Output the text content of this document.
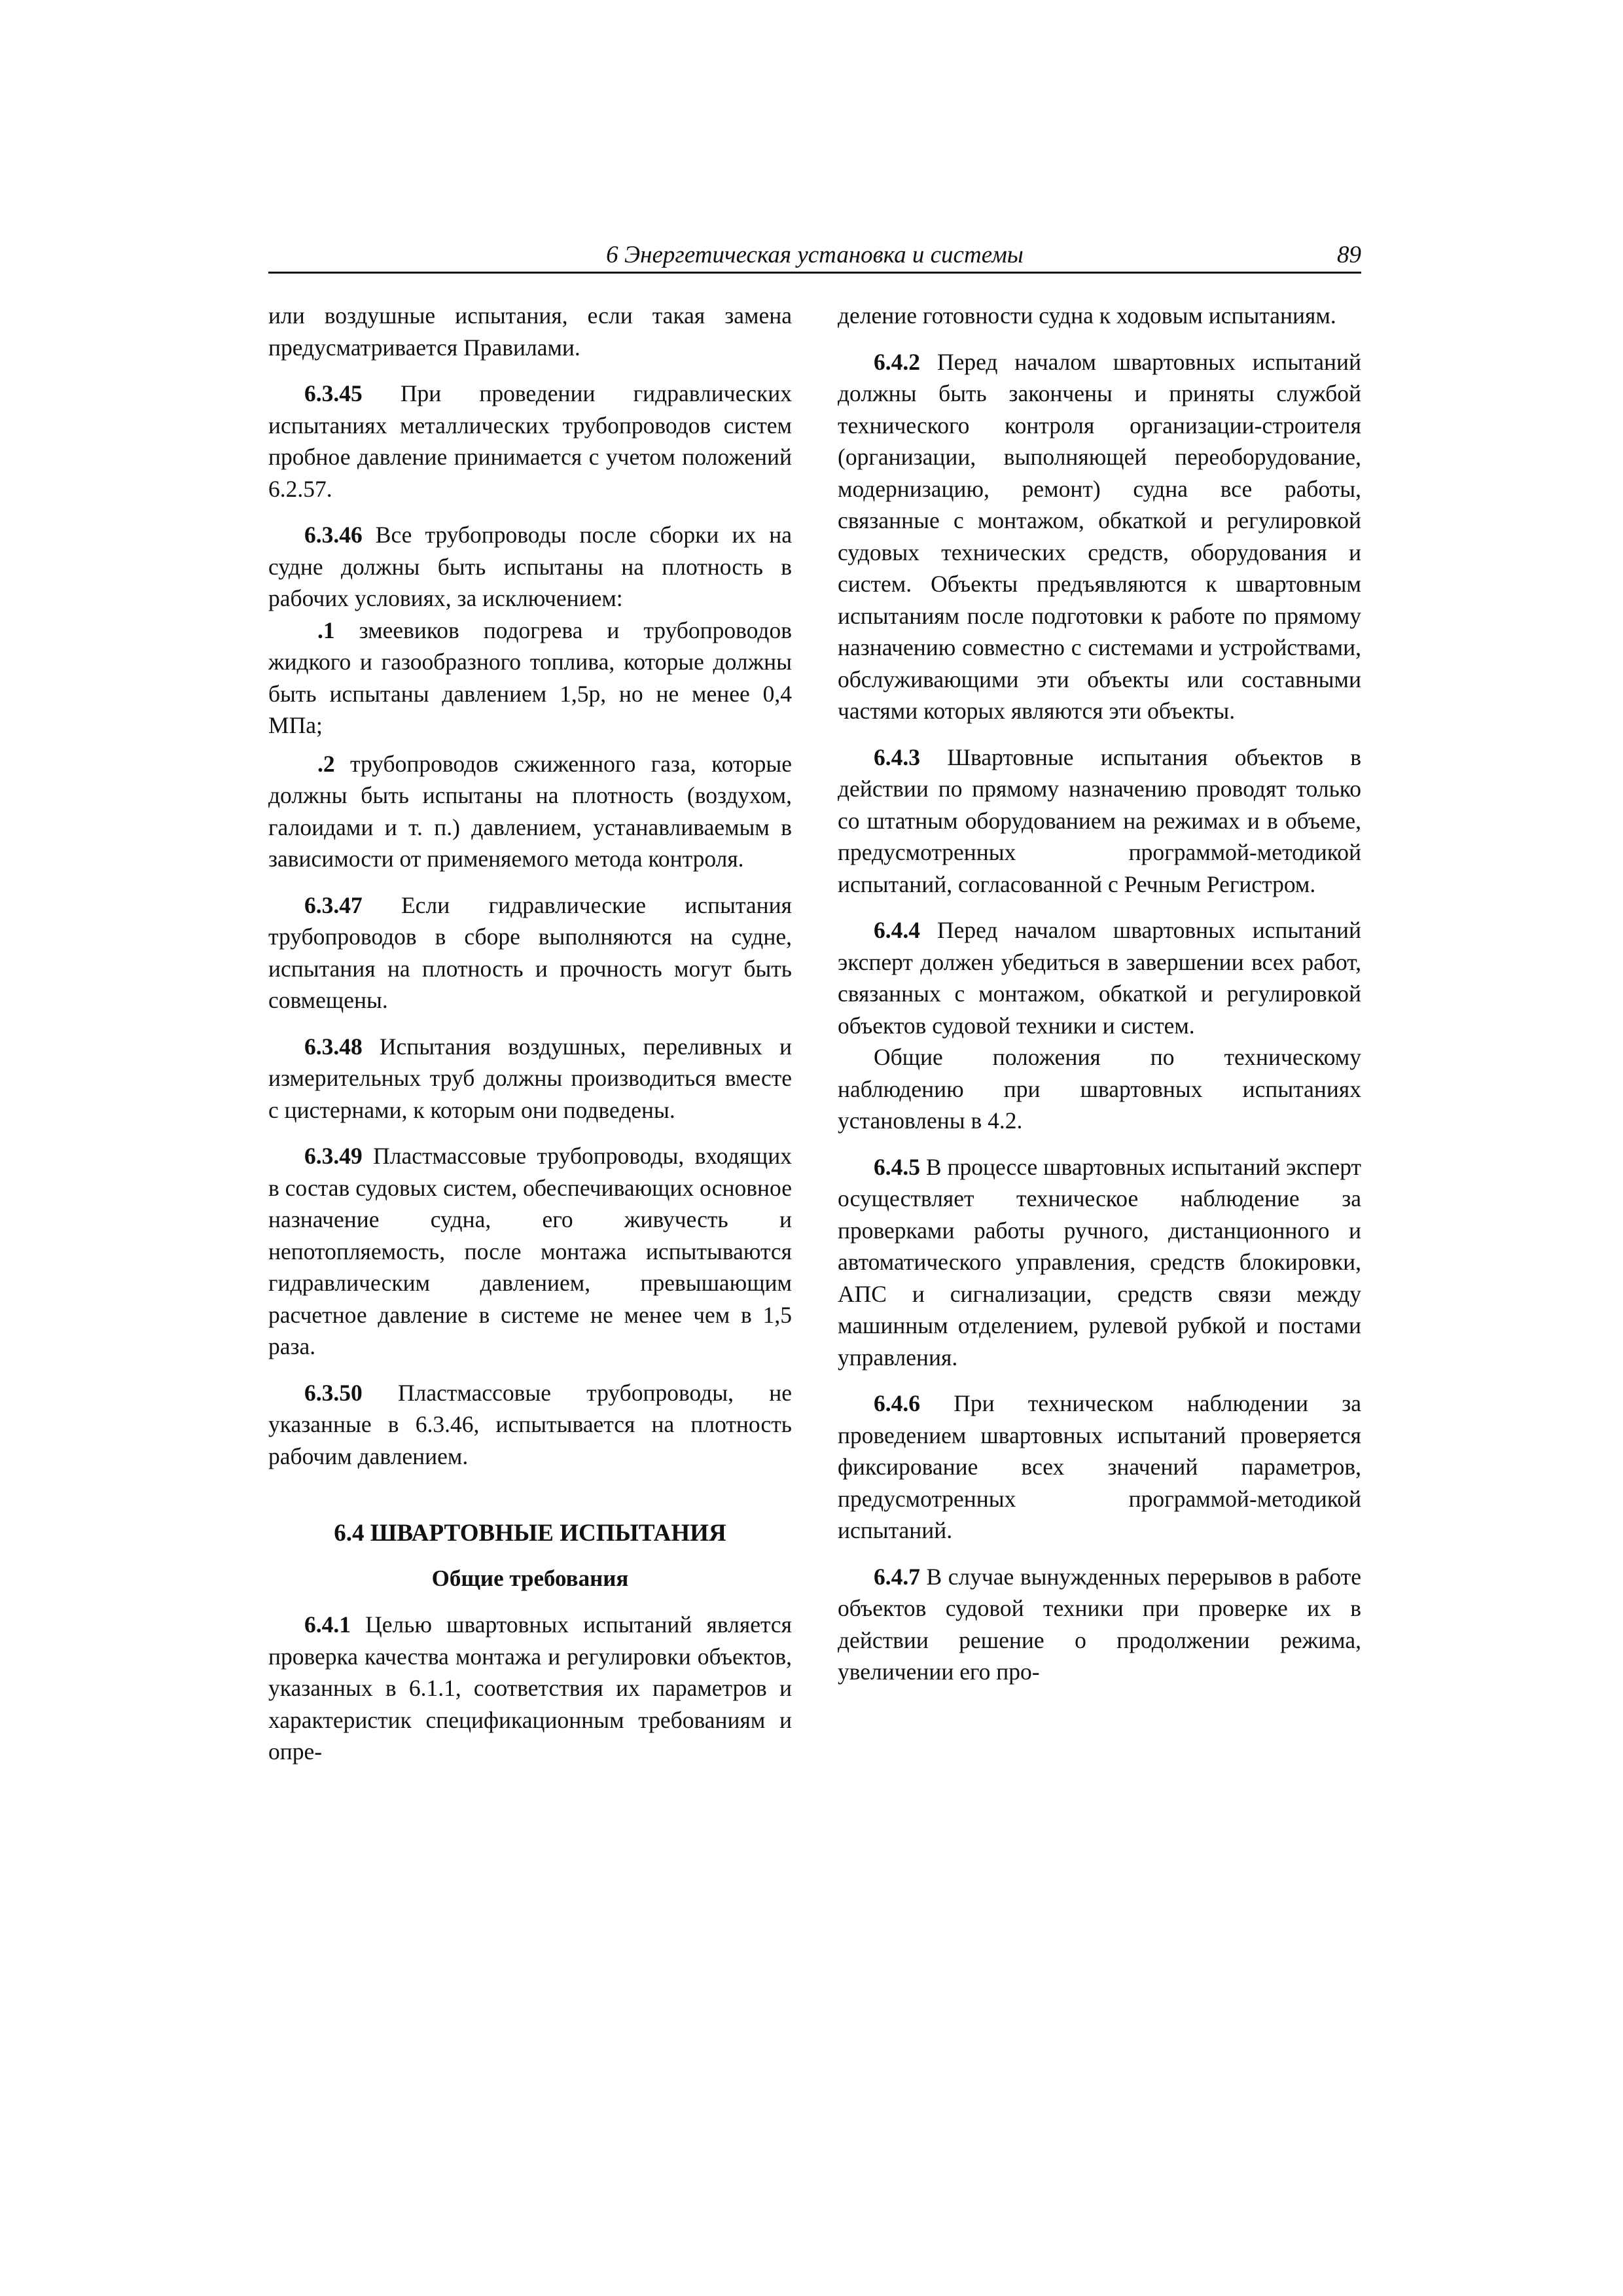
6 Энергетическая установка и системы	89

или воздушные испытания, если такая замена предусматривается Правилами.

6.3.45 При проведении гидравлических испытаниях металлических трубопроводов систем пробное давление принимается с учетом положений 6.2.57.

6.3.46 Все трубопроводы после сборки их на судне должны быть испытаны на плотность в рабочих условиях, за исключением:

.1 змеевиков подогрева и трубопроводов жидкого и газообразного топлива, которые должны быть испытаны давлением 1,5p, но не менее 0,4 МПа;

.2 трубопроводов сжиженного газа, которые должны быть испытаны на плотность (воздухом, галоидами и т. п.) давлением, устанавливаемым в зависимости от применяемого метода контроля.

6.3.47 Если гидравлические испытания трубопроводов в сборе выполняются на судне, испытания на плотность и прочность могут быть совмещены.

6.3.48 Испытания воздушных, переливных и измерительных труб должны производиться вместе с цистернами, к которым они подведены.

6.3.49 Пластмассовые трубопроводы, входящих в состав судовых систем, обеспечивающих основное назначение судна, его живучесть и непотопляемость, после монтажа испытываются гидравлическим давлением, превышающим расчетное давление в системе не менее чем в 1,5 раза.

6.3.50 Пластмассовые трубопроводы, не указанные в 6.3.46, испытывается на плотность рабочим давлением.

6.4 ШВАРТОВНЫЕ ИСПЫТАНИЯ
Общие требования

6.4.1 Целью швартовных испытаний является проверка качества монтажа и регулировки объектов, указанных в 6.1.1, соответствия их параметров и характеристик спецификационным требованиям и опре-

деление готовности судна к ходовым испытаниям.

6.4.2 Перед началом швартовных испытаний должны быть закончены и приняты службой технического контроля организации-строителя (организации, выполняющей переоборудование, модернизацию, ремонт) судна все работы, связанные с монтажом, обкаткой и регулировкой судовых технических средств, оборудования и систем. Объекты предъявляются к швартовным испытаниям после подготовки к работе по прямому назначению совместно с системами и устройствами, обслуживающими эти объекты или составными частями которых являются эти объекты.

6.4.3 Швартовные испытания объектов в действии по прямому назначению проводят только со штатным оборудованием на режимах и в объеме, предусмотренных программой-методикой испытаний, согласованной с Речным Регистром.

6.4.4 Перед началом швартовных испытаний эксперт должен убедиться в завершении всех работ, связанных с монтажом, обкаткой и регулировкой объектов судовой техники и систем.

Общие положения по техническому наблюдению при швартовных испытаниях установлены в 4.2.

6.4.5 В процессе швартовных испытаний эксперт осуществляет техническое наблюдение за проверками работы ручного, дистанционного и автоматического управления, средств блокировки, АПС и сигнализации, средств связи между машинным отделением, рулевой рубкой и постами управления.

6.4.6 При техническом наблюдении за проведением швартовных испытаний проверяется фиксирование всех значений параметров, предусмотренных программой-методикой испытаний.

6.4.7 В случае вынужденных перерывов в работе объектов судовой техники при проверке их в действии решение о продолжении режима, увеличении его про-
